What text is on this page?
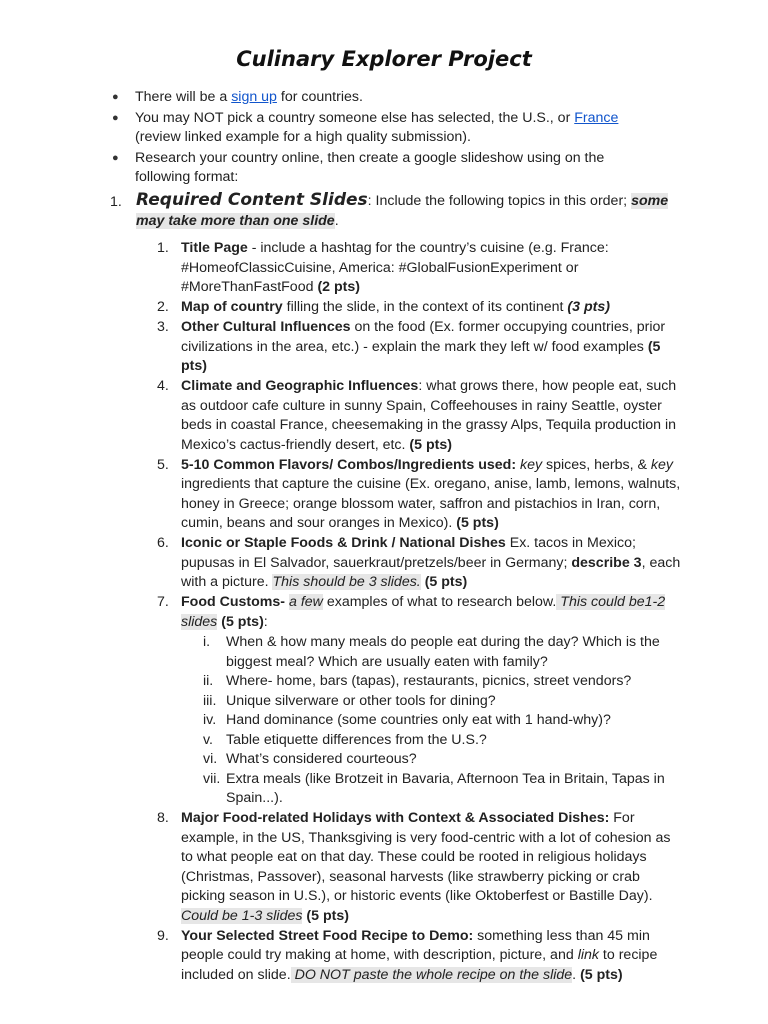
Culinary Explorer Project
● There will be a sign up for countries.
● You may NOT pick a country someone else has selected, the U.S., or France (review linked example for a high quality submission).
● Research your country online, then create a google slideshow using on the following format:
1. Required Content Slides: Include the following topics in this order; some may take more than one slide.
1. Title Page - include a hashtag for the country’s cuisine (e.g. France: #HomeofClassicCuisine, America: #GlobalFusionExperiment or #MoreThanFastFood (2 pts)
2. Map of country filling the slide, in the context of its continent (3 pts)
3. Other Cultural Influences on the food (Ex. former occupying countries, prior civilizations in the area, etc.) - explain the mark they left w/ food examples (5 pts)
4. Climate and Geographic Influences: what grows there, how people eat, such as outdoor cafe culture in sunny Spain, Coffeehouses in rainy Seattle, oyster beds in coastal France, cheesemaking in the grassy Alps, Tequila production in Mexico’s cactus-friendly desert, etc. (5 pts)
5. 5-10 Common Flavors/ Combos/Ingredients used: key spices, herbs, & key ingredients that capture the cuisine (Ex. oregano, anise, lamb, lemons, walnuts, honey in Greece; orange blossom water, saffron and pistachios in Iran, corn, cumin, beans and sour oranges in Mexico). (5 pts)
6. Iconic or Staple Foods & Drink / National Dishes Ex. tacos in Mexico; pupusas in El Salvador, sauerkraut/pretzels/beer in Germany; describe 3, each with a picture. This should be 3 slides. (5 pts)
7. Food Customs- a few examples of what to research below. This could be1-2 slides (5 pts):
i. When & how many meals do people eat during the day? Which is the biggest meal? Which are usually eaten with family?
ii. Where- home, bars (tapas), restaurants, picnics, street vendors?
iii. Unique silverware or other tools for dining?
iv. Hand dominance (some countries only eat with 1 hand-why)?
v. Table etiquette differences from the U.S.?
vi. What’s considered courteous?
vii. Extra meals (like Brotzeit in Bavaria, Afternoon Tea in Britain, Tapas in Spain...).
8. Major Food-related Holidays with Context & Associated Dishes: For example, in the US, Thanksgiving is very food-centric with a lot of cohesion as to what people eat on that day. These could be rooted in religious holidays (Christmas, Passover), seasonal harvests (like strawberry picking or crab picking season in U.S.), or historic events (like Oktoberfest or Bastille Day). Could be 1-3 slides (5 pts)
9. Your Selected Street Food Recipe to Demo: something less than 45 min people could try making at home, with description, picture, and link to recipe included on slide. DO NOT paste the whole recipe on the slide. (5 pts)
